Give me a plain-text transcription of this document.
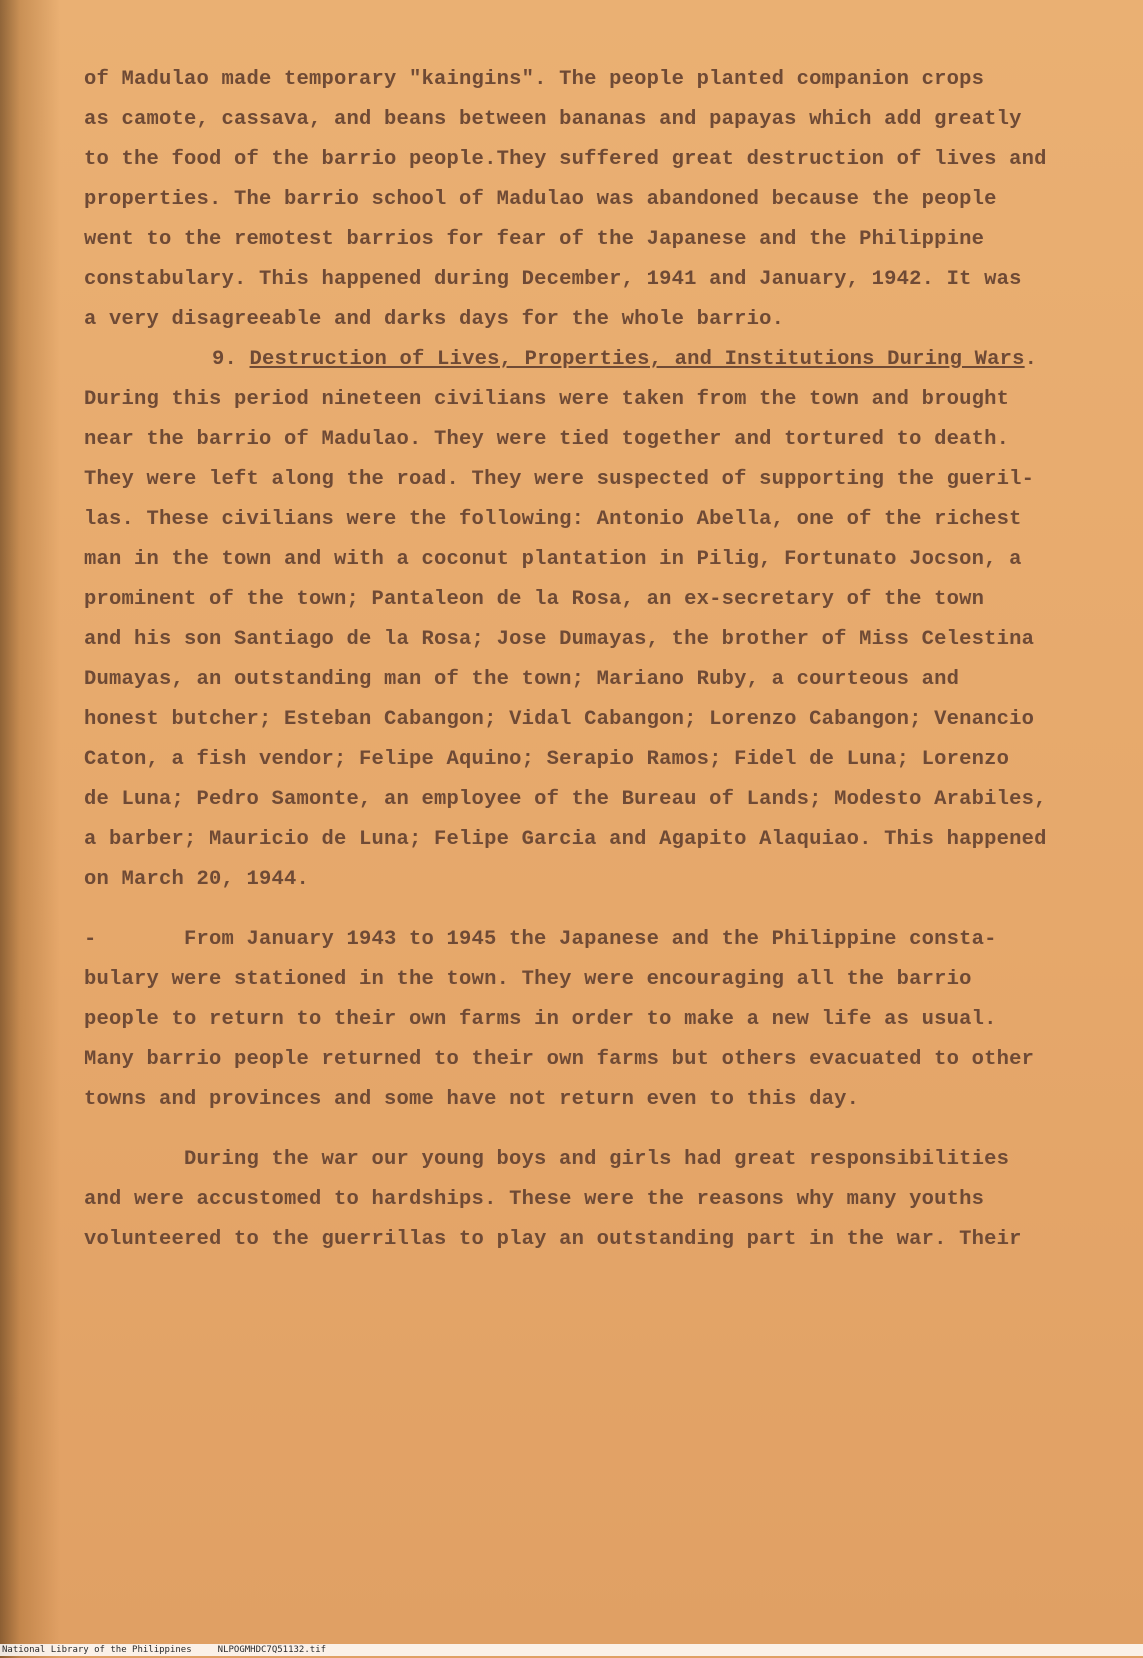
of Madulao made temporary "kaingins". The people planted companion crops
as camote, cassava, and beans between bananas and papayas which add greatly
to the food of the barrio people.They suffered great destruction of lives and
properties. The barrio school of Madulao was abandoned because the people
went to the remotest barrios for fear of the Japanese and the Philippine
constabulary. This happened during December, 1941 and January, 1942. It was
a very disagreeable and darks days for the whole barrio.
9. Destruction of Lives, Properties, and Institutions During Wars.
During this period nineteen civilians were taken from the town and brought
near the barrio of Madulao. They were tied together and tortured to death.
They were left along the road. They were suspected of supporting the gueril-
las. These civilians were the following: Antonio Abella, one of the richest
man in the town and with a coconut plantation in Pilig, Fortunato Jocson, a
prominent of the town; Pantaleon de la Rosa, an ex-secretary of the town
and his son Santiago de la Rosa; Jose Dumayas, the brother of Miss Celestina
Dumayas, an outstanding man of the town; Mariano Ruby, a courteous and
honest butcher; Esteban Cabangon; Vidal Cabangon; Lorenzo Cabangon; Venancio
Caton, a fish vendor; Felipe Aquino; Serapio Ramos; Fidel de Luna; Lorenzo
de Luna; Pedro Samonte, an employee of the Bureau of Lands; Modesto Arabiles,
a barber; Mauricio de Luna; Felipe Garcia and Agapito Alaquiao. This happened
on March 20, 1944.
-	From January 1943 to 1945 the Japanese and the Philippine consta-
bulary were stationed in the town. They were encouraging all the barrio
people to return to their own farms in order to make a new life as usual.
Many barrio people returned to their own farms but others evacuated to other
towns and provinces and some have not return even to this day.
During the war our young boys and girls had great responsibilities
and were accustomed to hardships. These were the reasons why many youths
volunteered to the guerrillas to play an outstanding part in the war. Their
National Library of the Philippines	NLPOGMHDC7Q51132.tif
